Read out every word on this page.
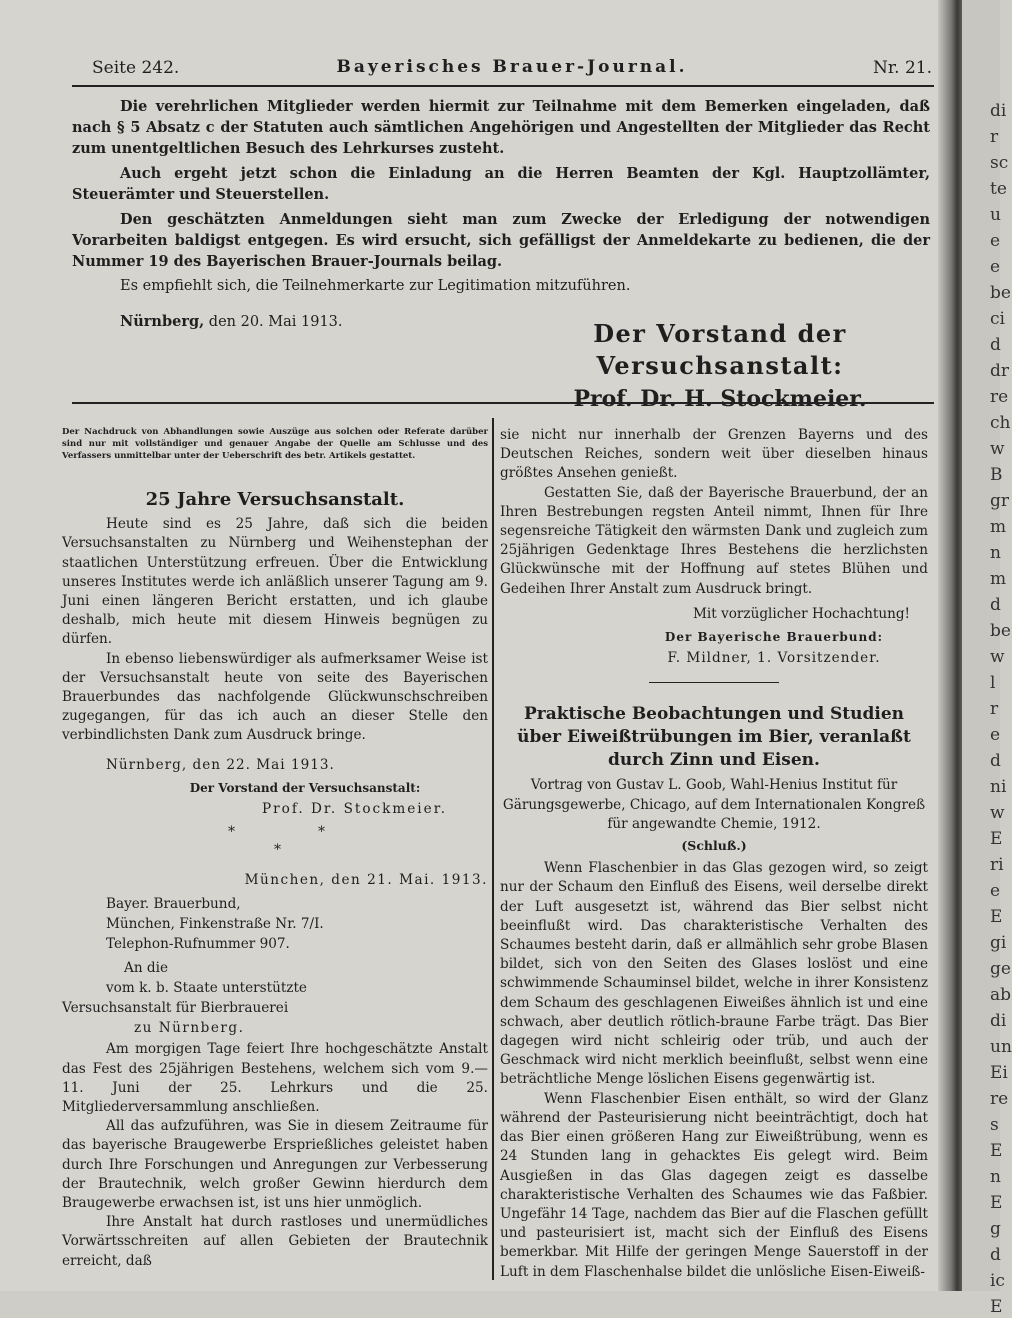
Seite 242.	Bayerisches Brauer-Journal.	Nr. 21.

Die verehrlichen Mitglieder werden hiermit zur Teilnahme mit dem Bemerken eingeladen, daß nach § 5 Absatz c der Statuten auch sämtlichen Angehörigen und Angestellten der Mitglieder das Recht zum unentgeltlichen Besuch des Lehrkurses zusteht.

Auch ergeht jetzt schon die Einladung an die Herren Beamten der Kgl. Hauptzollämter, Steuerämter und Steuerstellen.

Den geschätzten Anmeldungen sieht man zum Zwecke der Erledigung der notwendigen Vorarbeiten baldigst entgegen. Es wird ersucht, sich gefälligst der Anmeldekarte zu bedienen, die der Nummer 19 des Bayerischen Brauer-Journals beilag.

Es empfiehlt sich, die Teilnehmerkarte zur Legitimation mitzuführen.

Nürnberg, den 20. Mai 1913.	Der Vorstand der Versuchsanstalt:
Prof. Dr. H. Stockmeier.
Der Nachdruck von Abhandlungen sowie Auszüge aus solchen oder Referate darüber sind nur mit vollständiger und genauer Angabe der Quelle am Schlusse und des Verfassers unmittelbar unter der Ueberschrift des betr. Artikels gestattet.
25 Jahre Versuchsanstalt.

Heute sind es 25 Jahre, daß sich die beiden Versuchsanstalten zu Nürnberg und Weihenstephan der staatlichen Unterstützung erfreuen. Über die Entwicklung unseres Institutes werde ich anläßlich unserer Tagung am 9. Juni einen längeren Bericht erstatten, und ich glaube deshalb, mich heute mit diesem Hinweis begnügen zu dürfen.

In ebenso liebenswürdiger als aufmerksamer Weise ist der Versuchsanstalt heute von seite des Bayerischen Brauerbundes das nachfolgende Glückwunschschreiben zugegangen, für das ich auch an dieser Stelle den verbindlichsten Dank zum Ausdruck bringe.

Nürnberg, den 22. Mai 1913.
Der Vorstand der Versuchsanstalt:
Prof. Dr. Stockmeier.
*	*
*
München, den 21. Mai. 1913.
Bayer. Brauerbund,
München, Finkenstraße Nr. 7/I.
Telephon-Rufnummer 907.
An die
vom k. b. Staate unterstützte
Versuchsanstalt für Bierbrauerei
zu Nürnberg.

Am morgigen Tage feiert Ihre hochgeschätzte Anstalt das Fest des 25jährigen Bestehens, welchem sich vom 9.—11. Juni der 25. Lehrkurs und die 25. Mitgliederversammlung anschließen.

All das aufzuführen, was Sie in diesem Zeitraume für das bayerische Braugewerbe Ersprießliches geleistet haben durch Ihre Forschungen und Anregungen zur Verbesserung der Brautechnik, welch großer Gewinn hierdurch dem Braugewerbe erwachsen ist, ist uns hier unmöglich.

Ihre Anstalt hat durch rastloses und unermüdliches Vorwärtsschreiten auf allen Gebieten der Brautechnik erreicht, daß

sie nicht nur innerhalb der Grenzen Bayerns und des Deutschen Reiches, sondern weit über dieselben hinaus größtes Ansehen genießt.

Gestatten Sie, daß der Bayerische Brauerbund, der an Ihren Bestrebungen regsten Anteil nimmt, Ihnen für Ihre segensreiche Tätigkeit den wärmsten Dank und zugleich zum 25jährigen Gedenktage Ihres Bestehens die herzlichsten Glückwünsche mit der Hoffnung auf stetes Blühen und Gedeihen Ihrer Anstalt zum Ausdruck bringt.

Mit vorzüglicher Hochachtung!
Der Bayerische Brauerbund:
F. Mildner, 1. Vorsitzender.
Praktische Beobachtungen und Studien über Eiweißtrübungen im Bier, veranlaßt durch Zinn und Eisen.
Vortrag von Gustav L. Goob, Wahl-Henius Institut für Gärungsgewerbe, Chicago, auf dem Internationalen Kongreß für angewandte Chemie, 1912.
(Schluß.)

Wenn Flaschenbier in das Glas gezogen wird, so zeigt nur der Schaum den Einfluß des Eisens, weil derselbe direkt der Luft ausgesetzt ist, während das Bier selbst nicht beeinflußt wird. Das charakteristische Verhalten des Schaumes besteht darin, daß er allmählich sehr grobe Blasen bildet, sich von den Seiten des Glases loslöst und eine schwimmende Schauminsel bildet, welche in ihrer Konsistenz dem Schaum des geschlagenen Eiweißes ähnlich ist und eine schwach, aber deutlich rötlich-braune Farbe trägt. Das Bier dagegen wird nicht schleirig oder trüb, und auch der Geschmack wird nicht merklich beeinflußt, selbst wenn eine beträchtliche Menge löslichen Eisens gegenwärtig ist.

Wenn Flaschenbier Eisen enthält, so wird der Glanz während der Pasteurisierung nicht beeinträchtigt, doch hat das Bier einen größeren Hang zur Eiweißtrübung, wenn es 24 Stunden lang in gehacktes Eis gelegt wird. Beim Ausgießen in das Glas dagegen zeigt es dasselbe charakteristische Verhalten des Schaumes wie das Faßbier. Ungefähr 14 Tage, nachdem das Bier auf die Flaschen gefüllt und pasteurisiert ist, macht sich der Einfluß des Eisens bemerkbar. Mit Hilfe der geringen Menge Sauerstoff in der Luft in dem Flaschenhalse bildet die unlösliche Eisen-Eiweiß-

di
r
sc
te
u
e
e
be
ci
d
dr
re
ch
w
B
gr
m
n
m
d
be
w
l
r
e
d
ni
w
E
ri
e
E
gi
ge
ab
di
un
Ei
re
s
E
n
E
g
d
ic
E
